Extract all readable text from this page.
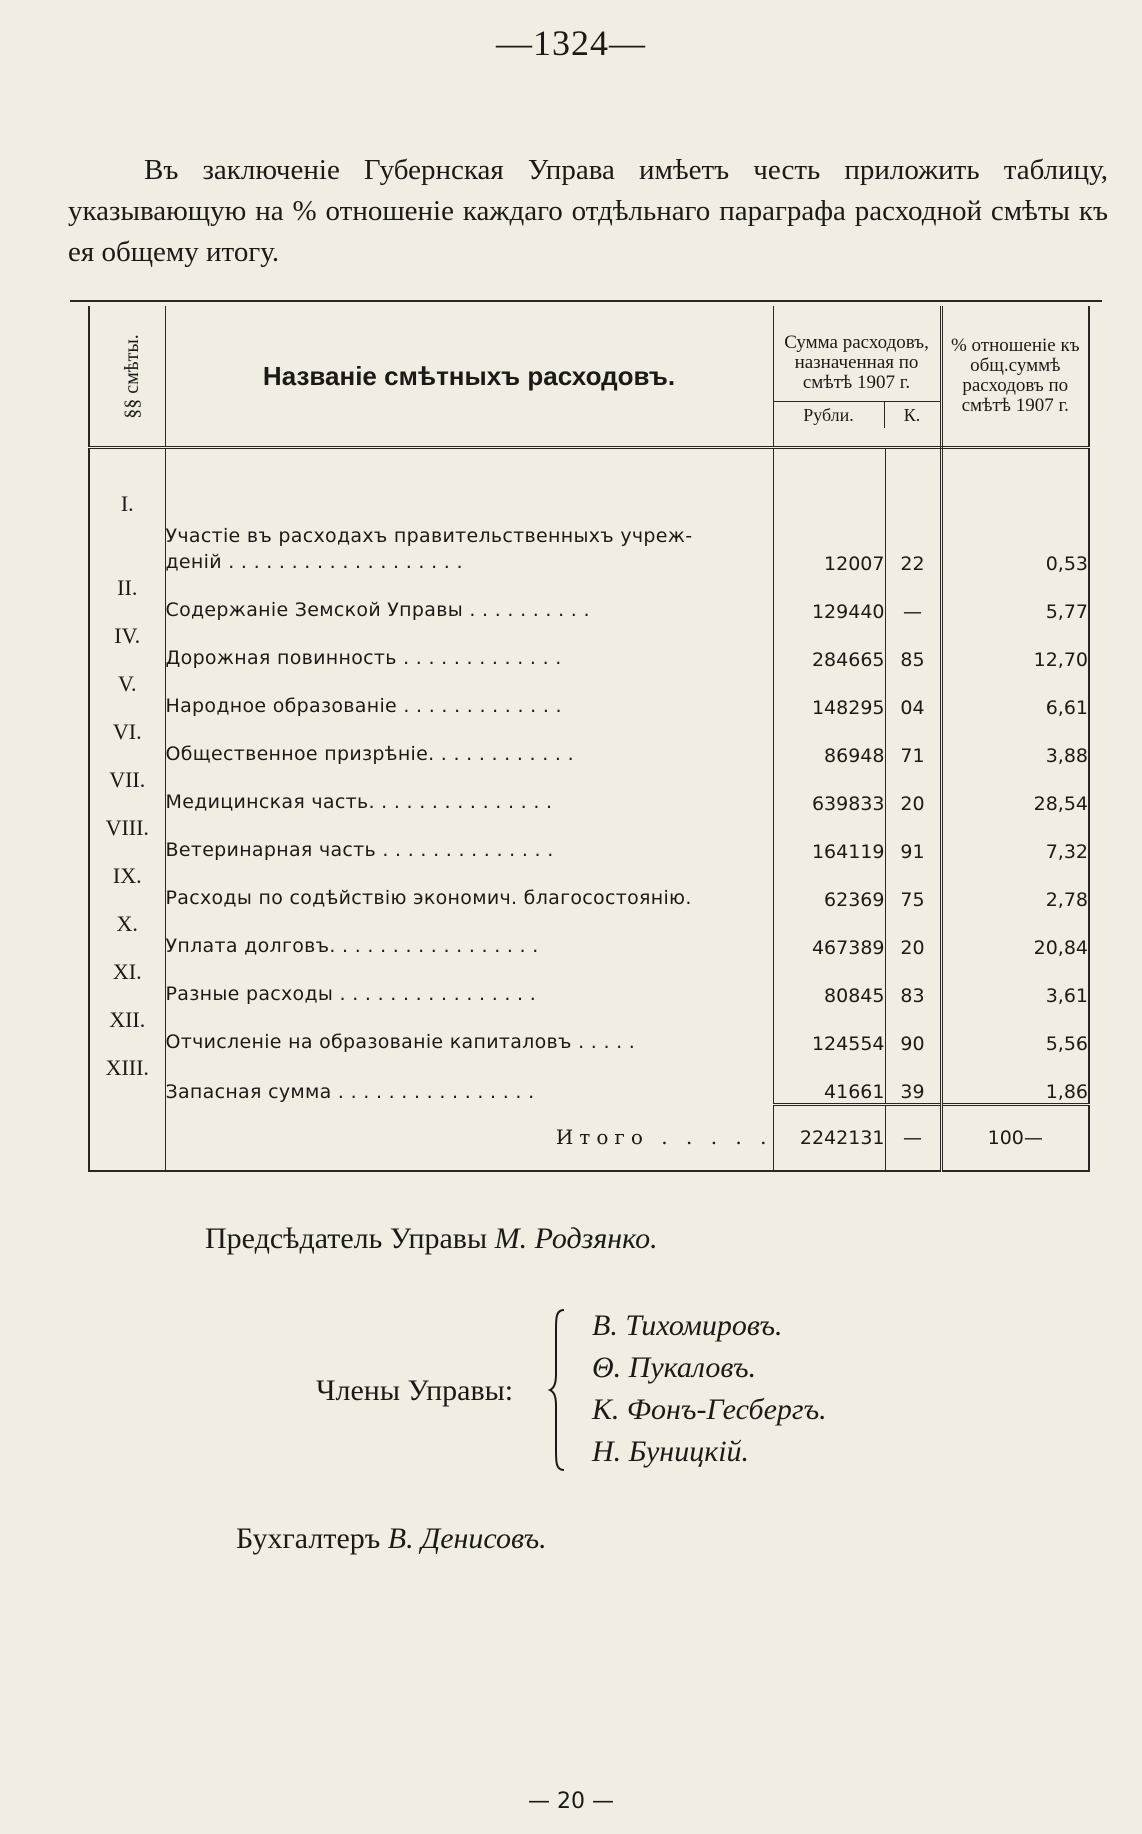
—1324—

Въ заключеніе Губернская Управа имѣетъ честь приложить таблицу, указывающую на % отношеніе каждаго отдѣльнаго параграфа расходной смѣты къ ея общему итогу.

§§ смѣты.	Названіе смѣтныхъ расходовъ.	Сумма расходовъ, назначенная по смѣтѣ 1907 г.
Рубли. К.		% отношеніе къ общ.суммѣ расходовъ по смѣтѣ 1907 г.
I.	Участіе въ расходахъ правительственныхъ учреж-
деній . . . . . . . . . . . . . . . . . . .	12007	22	0,53
II.	Содержаніе Земской Управы . . . . . . . . . .	129440	—	5,77
IV.	Дорожная повинность . . . . . . . . . . . . .	284665	85	12,70
V.	Народное образованіе . . . . . . . . . . . . .	148295	04	6,61
VI.	Общественное призрѣніе. . . . . . . . . . . .	86948	71	3,88
VII.	Медицинская часть. . . . . . . . . . . . . . .	639833	20	28,54
VIII.	Ветеринарная часть . . . . . . . . . . . . . .	164119	91	7,32
IX.	Расходы по содѣйствію экономич. благосостоянію.	62369	75	2,78
X.	Уплата долговъ. . . . . . . . . . . . . . . . .	467389	20	20,84
XI.	Разные расходы . . . . . . . . . . . . . . . .	80845	83	3,61
XII.	Отчисленіе на образованіе капиталовъ . . . . .	124554	90	5,56
XIII.	Запасная сумма . . . . . . . . . . . . . . . .	41661	39	1,86
	Итого . . . . .	2242131	—	100—
Предсѣдатель Управы М. Родзянко.
Члены Управы:
В. Тихомировъ.
Θ. Пукаловъ.
К. Фонъ-Гесбергъ.
Н. Буницкій.
Бухгалтеръ В. Денисовъ.
— 20 —
